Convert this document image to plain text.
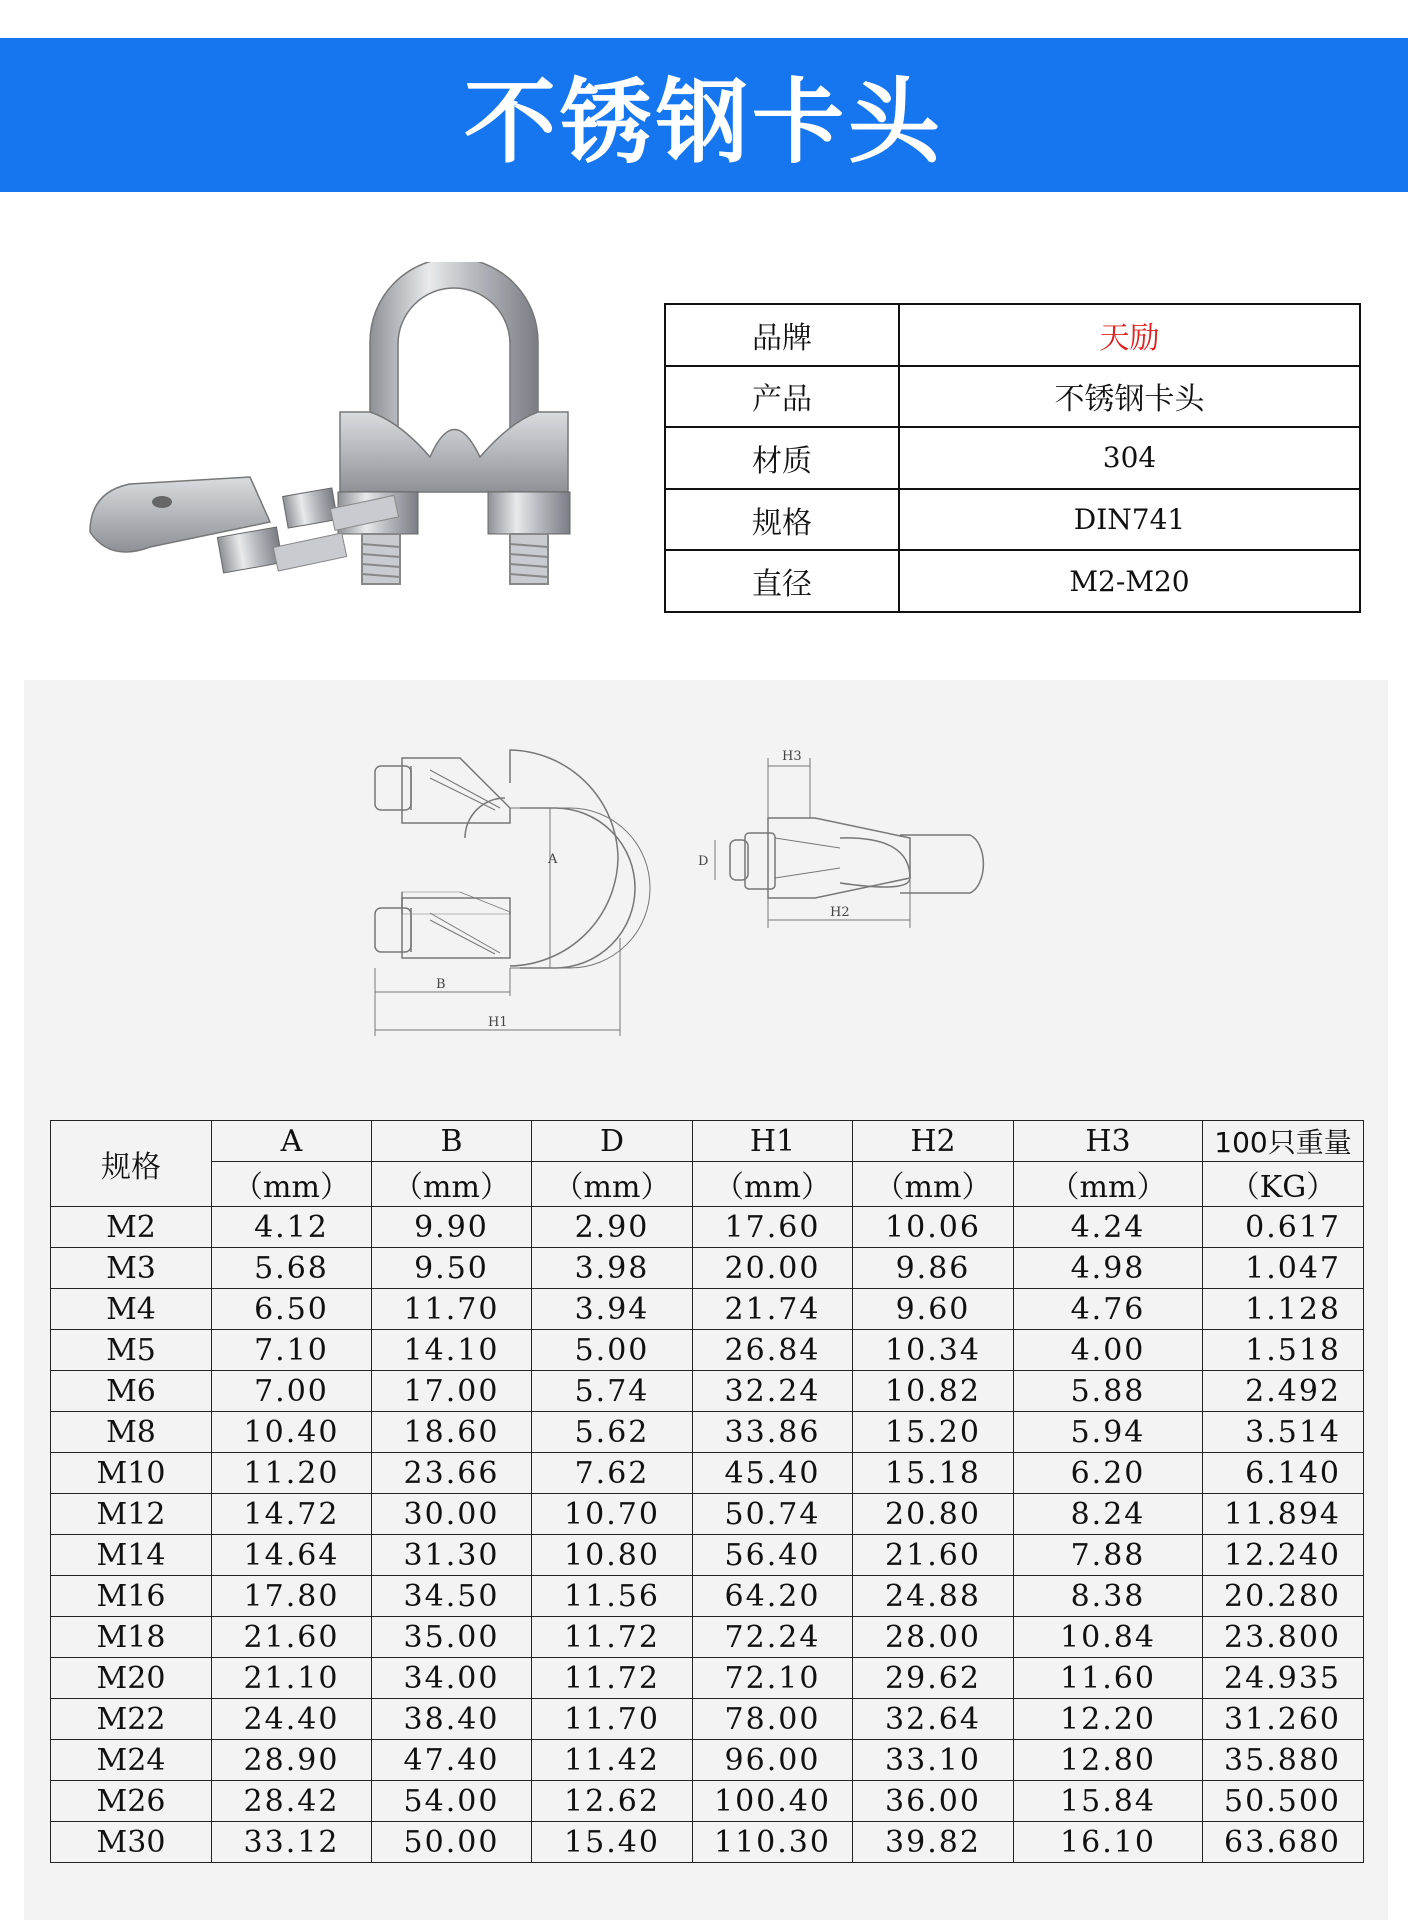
不锈钢卡头
品牌	天励
产品	不锈钢卡头
材质	304
规格	DIN741
直径	M2-M20
A
B
H1
H3
D
H2
规格	A	B	D	H1	H2	H3	100只重量
	（mm）	（mm）	（mm）	（mm）	（mm）	（mm）	（KG）
M2	4.12	9.90	2.90	17.60	10.06	4.24	0.617
M3	5.68	9.50	3.98	20.00	9.86	4.98	1.047
M4	6.50	11.70	3.94	21.74	9.60	4.76	1.128
M5	7.10	14.10	5.00	26.84	10.34	4.00	1.518
M6	7.00	17.00	5.74	32.24	10.82	5.88	2.492
M8	10.40	18.60	5.62	33.86	15.20	5.94	3.514
M10	11.20	23.66	7.62	45.40	15.18	6.20	6.140
M12	14.72	30.00	10.70	50.74	20.80	8.24	11.894
M14	14.64	31.30	10.80	56.40	21.60	7.88	12.240
M16	17.80	34.50	11.56	64.20	24.88	8.38	20.280
M18	21.60	35.00	11.72	72.24	28.00	10.84	23.800
M20	21.10	34.00	11.72	72.10	29.62	11.60	24.935
M22	24.40	38.40	11.70	78.00	32.64	12.20	31.260
M24	28.90	47.40	11.42	96.00	33.10	12.80	35.880
M26	28.42	54.00	12.62	100.40	36.00	15.84	50.500
M30	33.12	50.00	15.40	110.30	39.82	16.10	63.680
